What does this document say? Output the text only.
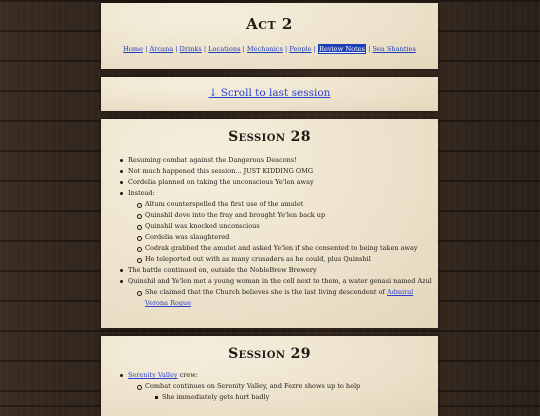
Act 2
Home | Arcana | Drinks | Locations | Mechanics | People | Review Notes | Sea Shanties
↓ Scroll to last session
Session 28
Resuming combat against the Dangerous Deacons!
Not much happened this session... JUST KIDDING OMG
Cordelia planned on taking the unconscious Ye'len away
Instead:
Altum counterspelled the first use of the amulet
Quinshil dove into the fray and brought Ye'len back up
Quinshil was knocked unconscious
Cordelia was slaughtered
Codrak grabbed the amulet and asked Ye'len if she consented to being taken away
He teleported out with as many crusaders as he could, plus Quinshil
The battle continued on, outside the NobleBrew Brewery
Quinshil and Ye'len met a young woman in the cell next to them, a water genasi named Azul
She claimed that the Church believes she is the last living descendent of Admiral Verona Rogue
Session 29
Serenity Valley crew:
Combat continues on Serenity Valley, and Fezre shows up to help
She immediately gets hurt badly
